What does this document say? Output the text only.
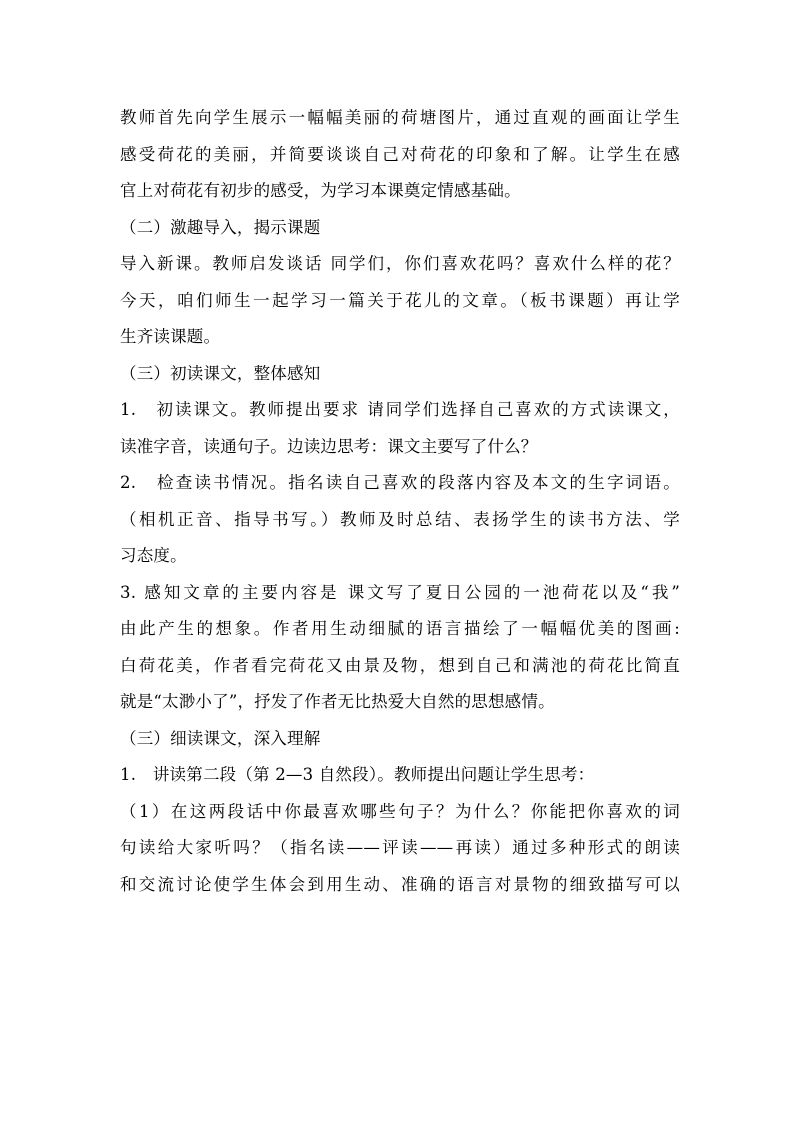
教师首先向学生展示一幅幅美丽的荷塘图片，通过直观的画面让学生
感受荷花的美丽，并简要谈谈自己对荷花的印象和了解。让学生在感
官上对荷花有初步的感受，为学习本课奠定情感基础。
（二）激趣导入，揭示课题
导入新课。教师启发谈话 同学们，你们喜欢花吗？喜欢什么样的花？
今天，咱们师生一起学习一篇关于花儿的文章。（板书课题）再让学
生齐读课题。
（三）初读课文，整体感知
1.　初读课文。教师提出要求 请同学们选择自己喜欢的方式读课文，
读准字音，读通句子。边读边思考：课文主要写了什么？
2.　检查读书情况。指名读自己喜欢的段落内容及本文的生字词语。
（相机正音、指导书写。）教师及时总结、表扬学生的读书方法、学
习态度。
3. 感知文章的主要内容是 课文写了夏日公园的一池荷花以及“我”
由此产生的想象。作者用生动细腻的语言描绘了一幅幅优美的图画:
白荷花美，作者看完荷花又由景及物，想到自己和满池的荷花比简直
就是“太渺小了”，抒发了作者无比热爱大自然的思想感情。
（三）细读课文，深入理解
1.　讲读第二段（第 2—3 自然段）。教师提出问题让学生思考：
（1）在这两段话中你最喜欢哪些句子？为什么？你能把你喜欢的词
句读给大家听吗？（指名读——评读——再读）通过多种形式的朗读
和交流讨论使学生体会到用生动、准确的语言对景物的细致描写可以
